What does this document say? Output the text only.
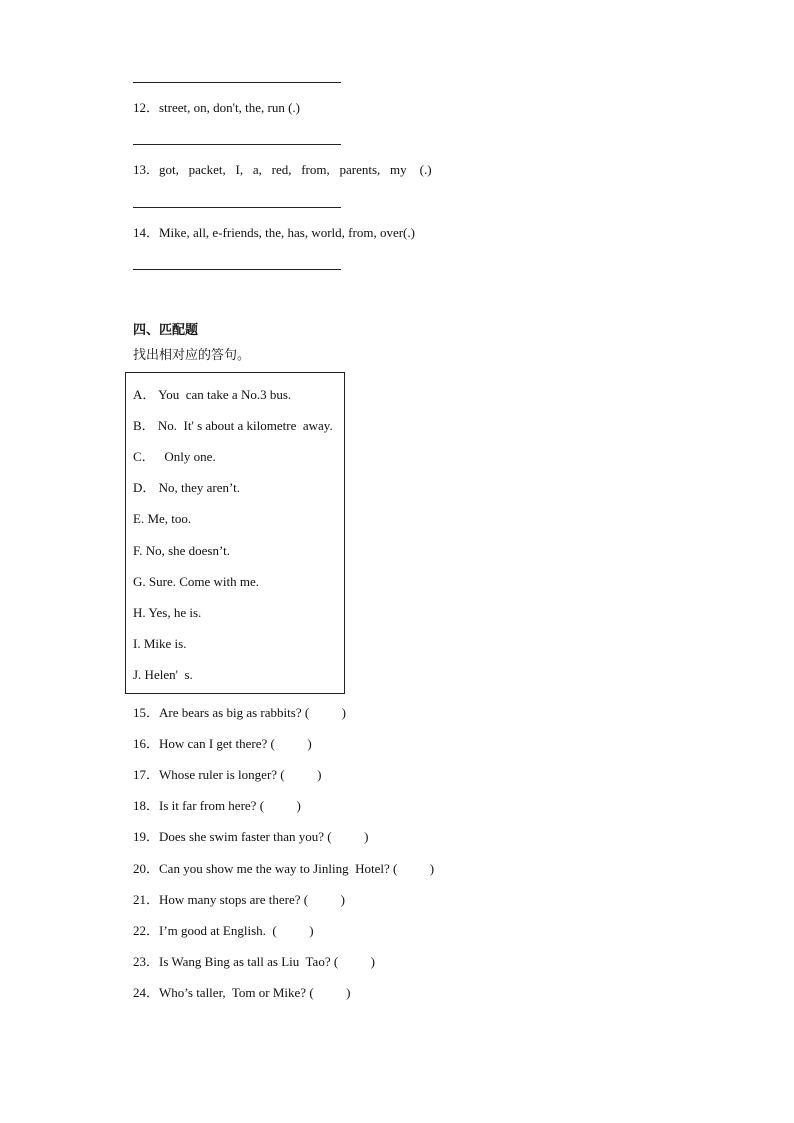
12．street, on, don't, the, run (.)
13．got,   packet,   I,   a,   red,   from,   parents,   my    (.)
14．Mike, all, e-friends, the, has, world, from, over(.)
四、匹配题
找出相对应的答句。
A． You  can take a No.3 bus.
B． No.  It' s about a kilometre  away.
C．   Only one.
D． No, they aren’t.
E. Me, too.
F. No, she doesn’t.
G. Sure. Come with me.
H. Yes, he is.
I. Mike is.
J. Helen'  s.
15．Are bears as big as rabbits? (          )
16．How can I get there? (          )
17．Whose ruler is longer? (          )
18．Is it far from here? (          )
19．Does she swim faster than you? (          )
20．Can you show me the way to Jinling  Hotel? (          )
21．How many stops are there? (          )
22．I’m good at English.  (          )
23．Is Wang Bing as tall as Liu  Tao? (          )
24．Who’s taller,  Tom or Mike? (          )
